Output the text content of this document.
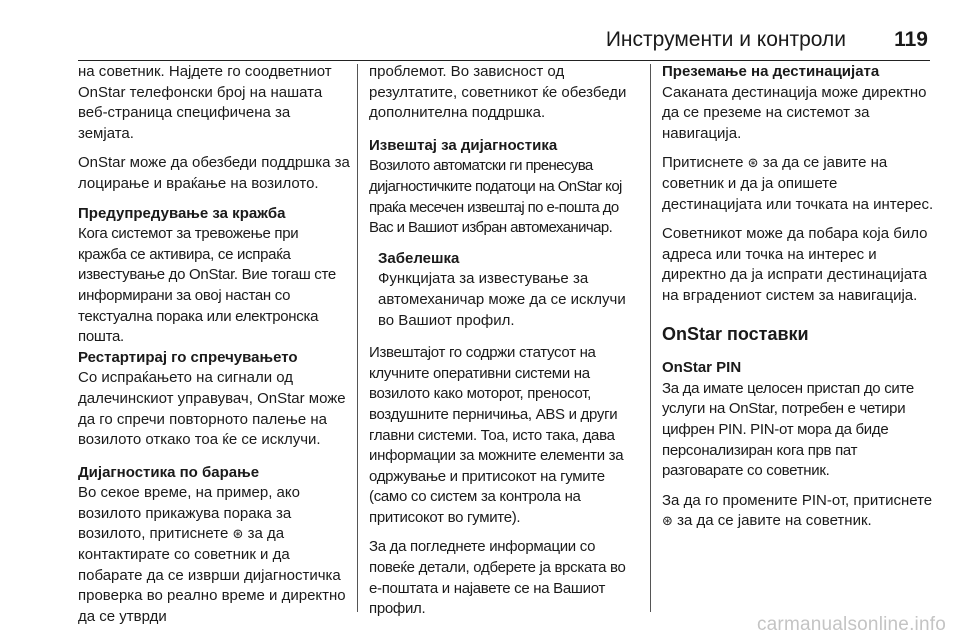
Инструменти и контроли 119

на советник. Најдете го соодветниот OnStar телефонски број на нашата веб-страница специфичена за земјата.

OnStar може да обезбеди поддршка за лоцирање и враќање на возилото.

Предупредување за кражба

Кога системот за тревожење при кражба се активира, се испраќа известување до OnStar. Вие тогаш сте информирани за овој настан со текстуална порака или електронска пошта.

Рестартирај го спречувањето

Со испраќањето на сигнали од далечинскиот управувач, OnStar може да го спречи повторното палење на возилото откако тоа ќе се исклучи.

Дијагностика по барање

Во секое време, на пример, ако возилото прикажува порака за возилото, притиснете ⊛ за да контактирате со советник и да побарате да се изврши дијагностичка проверка во реално време и директно да се утврди

проблемот. Во зависност од резултатите, советникот ќе обезбеди дополнителна поддршка.

Извештај за дијагностика

Возилото автоматски ги пренесува дијагностичките податоци на OnStar кој праќа месечен извештај по е-пошта до Вас и Вашиот избран автомеханичар.

Забелешка
Функцијата за известување за автомеханичар може да се исклучи во Вашиот профил.

Извештајот го содржи статусот на клучните оперативни системи на возилото како моторот, преносот, воздушните перничиња, ABS и други главни системи. Тоа, исто така, дава информации за можните елементи за одржување и притисокот на гумите (само со систем за контрола на притисокот во гумите).

За да погледнете информации со повеќе детали, одберете ја врската во е-поштата и најавете се на Вашиот профил.

Преземање на дестинацијата

Саканата дестинација може директно да се преземе на системот за навигација.

Притиснете ⊛ за да се јавите на советник и да ја опишете дестинацијата или точката на интерес.

Советникот може да побара која било адреса или точка на интерес и директно да ја испрати дестинацијата на вградениот систем за навигација.

OnStar поставки
OnStar PIN

За да имате целосен пристап до сите услуги на OnStar, потребен е четири цифрен PIN. PIN-от мора да биде персонализиран кога прв пат разговарате со советник.

За да го промените PIN-от, притиснете ⊛ за да се јавите на советник.

carmanualsonline.info
